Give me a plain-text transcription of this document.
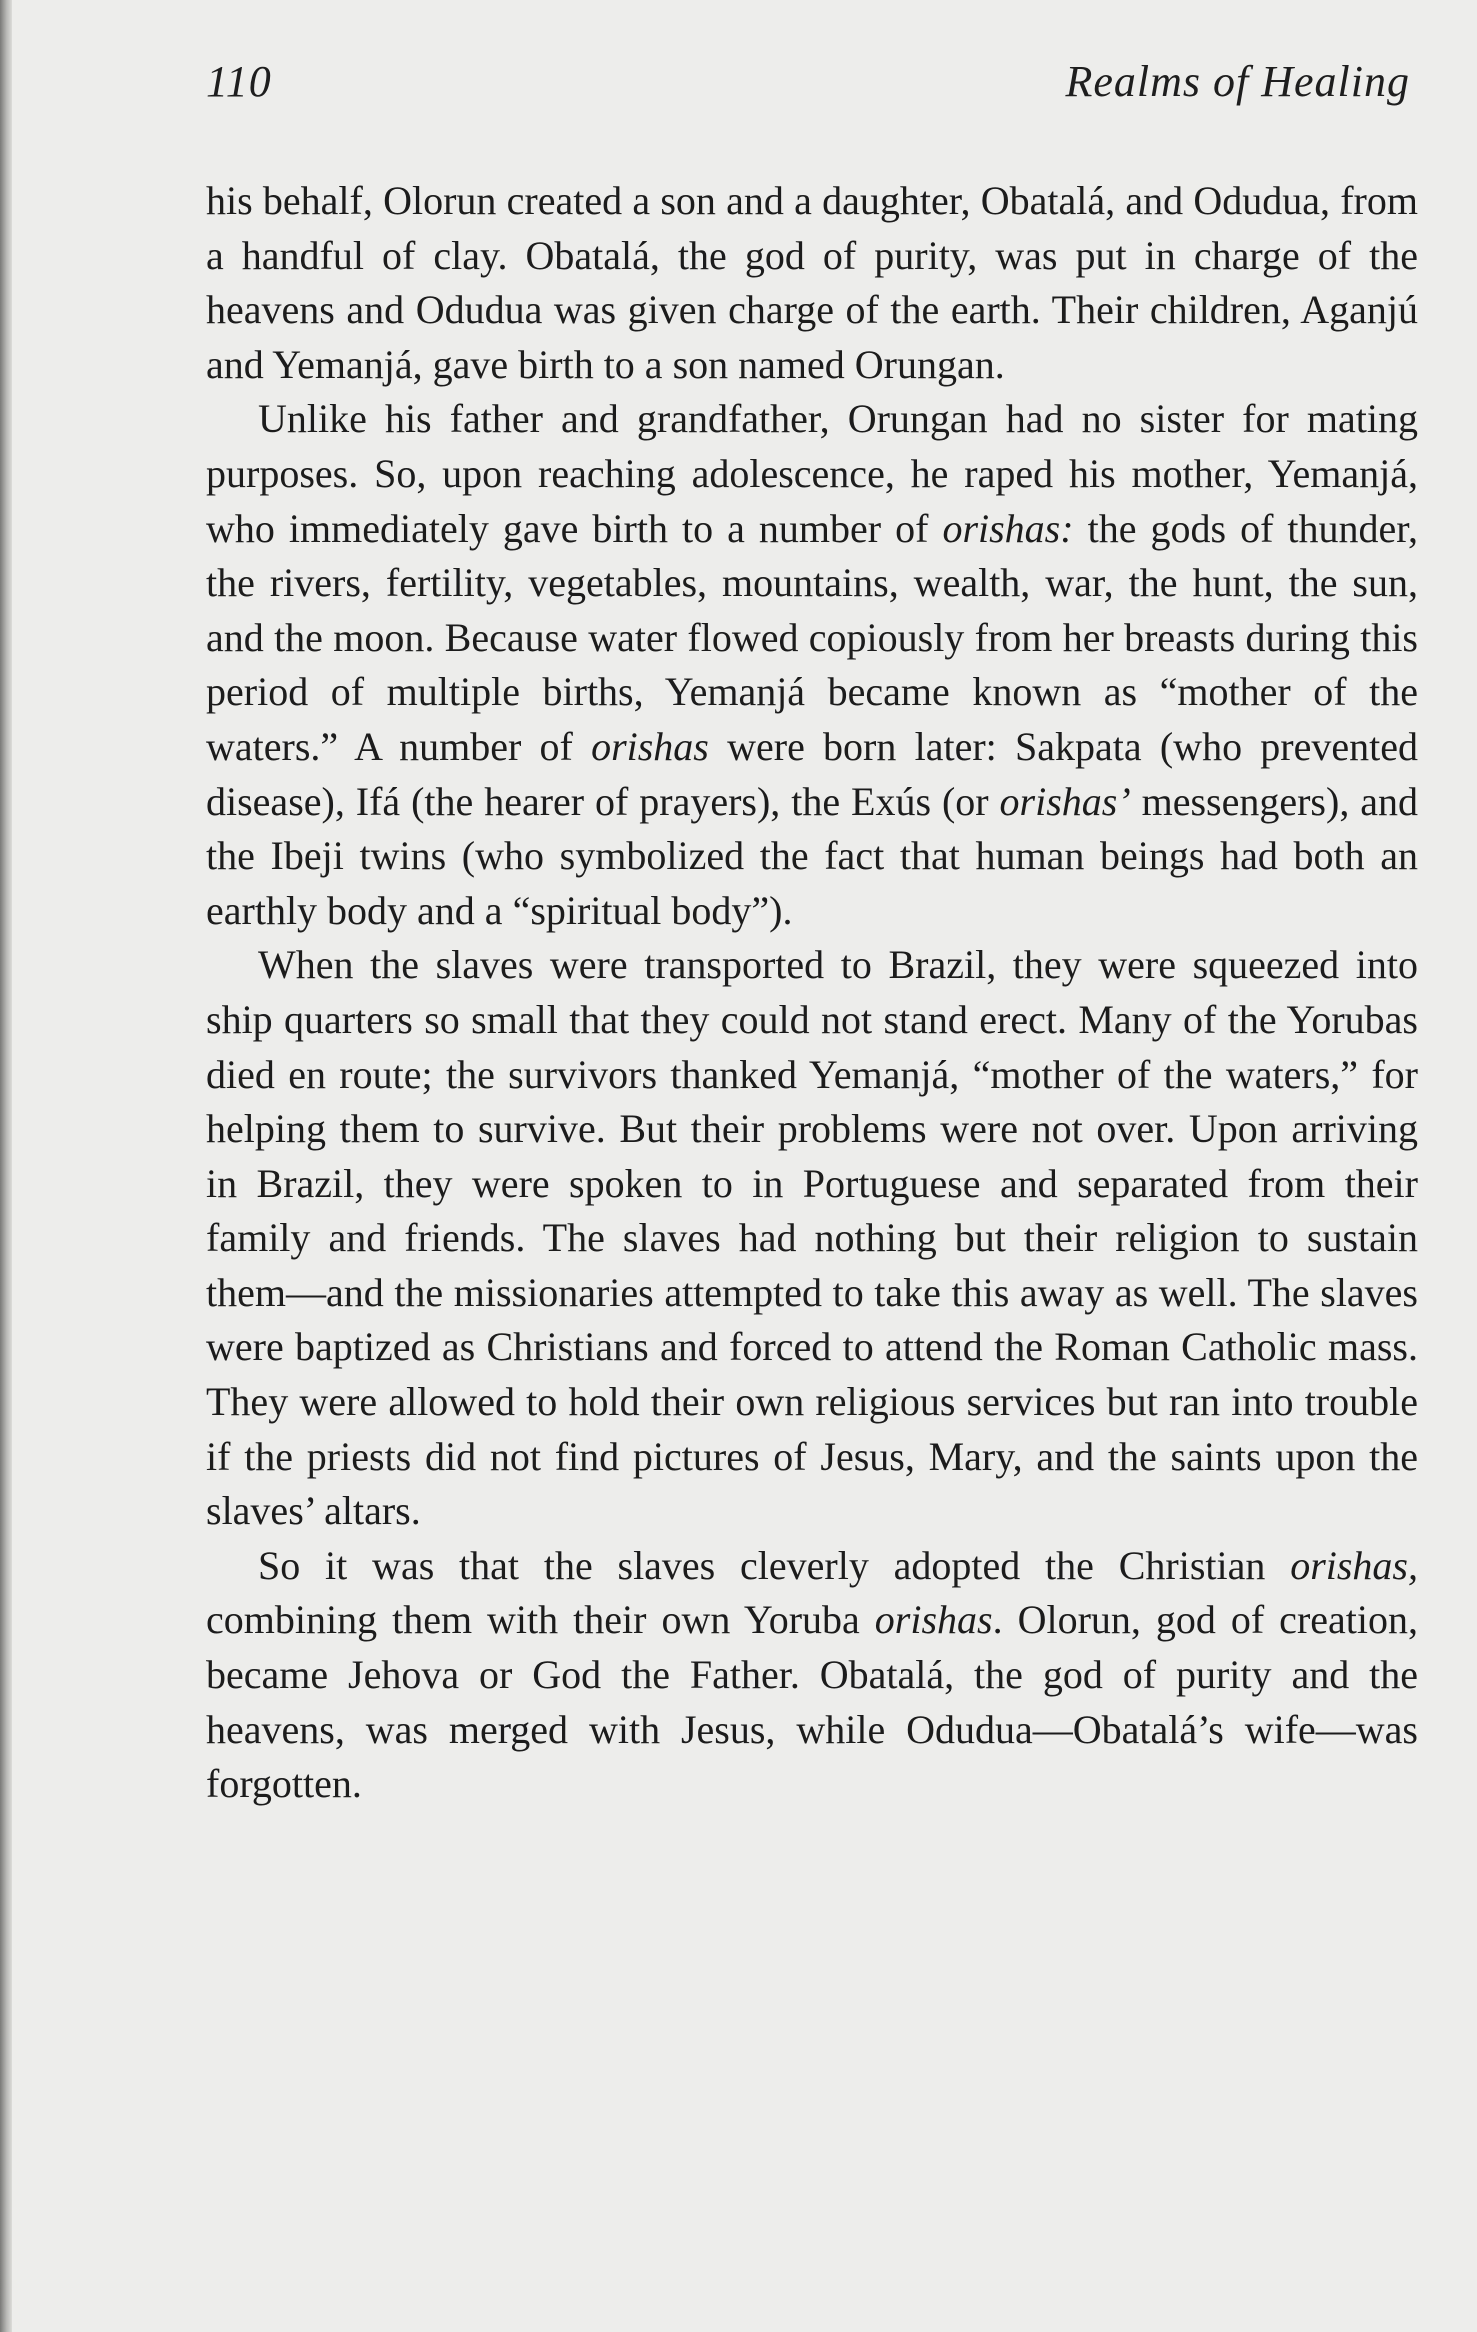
110	Realms of Healing

his behalf, Olorun created a son and a daughter, Obatalá, and Odudua, from a handful of clay. Obatalá, the god of purity, was put in charge of the heavens and Odudua was given charge of the earth. Their children, Aganjú and Yemanjá, gave birth to a son named Orungan.

Unlike his father and grandfather, Orungan had no sister for mating purposes. So, upon reaching adolescence, he raped his mother, Yemanjá, who immediately gave birth to a number of orishas: the gods of thunder, the rivers, fertility, vegetables, mountains, wealth, war, the hunt, the sun, and the moon. Because water flowed copiously from her breasts during this period of multiple births, Yemanjá became known as “mother of the waters.” A number of orishas were born later: Sakpata (who prevented disease), Ifá (the hearer of prayers), the Exús (or orishas’ messengers), and the Ibeji twins (who symbolized the fact that human beings had both an earthly body and a “spiritual body”).

When the slaves were transported to Brazil, they were squeezed into ship quarters so small that they could not stand erect. Many of the Yorubas died en route; the survivors thanked Yemanjá, “mother of the waters,” for helping them to survive. But their problems were not over. Upon arriving in Brazil, they were spoken to in Portuguese and separated from their family and friends. The slaves had nothing but their religion to sustain them—and the missionaries attempted to take this away as well. The slaves were baptized as Christians and forced to attend the Roman Catholic mass. They were allowed to hold their own religious services but ran into trouble if the priests did not find pictures of Jesus, Mary, and the saints upon the slaves’ altars.

So it was that the slaves cleverly adopted the Christian orishas, combining them with their own Yoruba orishas. Olorun, god of creation, became Jehova or God the Father. Obatalá, the god of purity and the heavens, was merged with Jesus, while Odudua—Obatalá’s wife—was forgotten.
